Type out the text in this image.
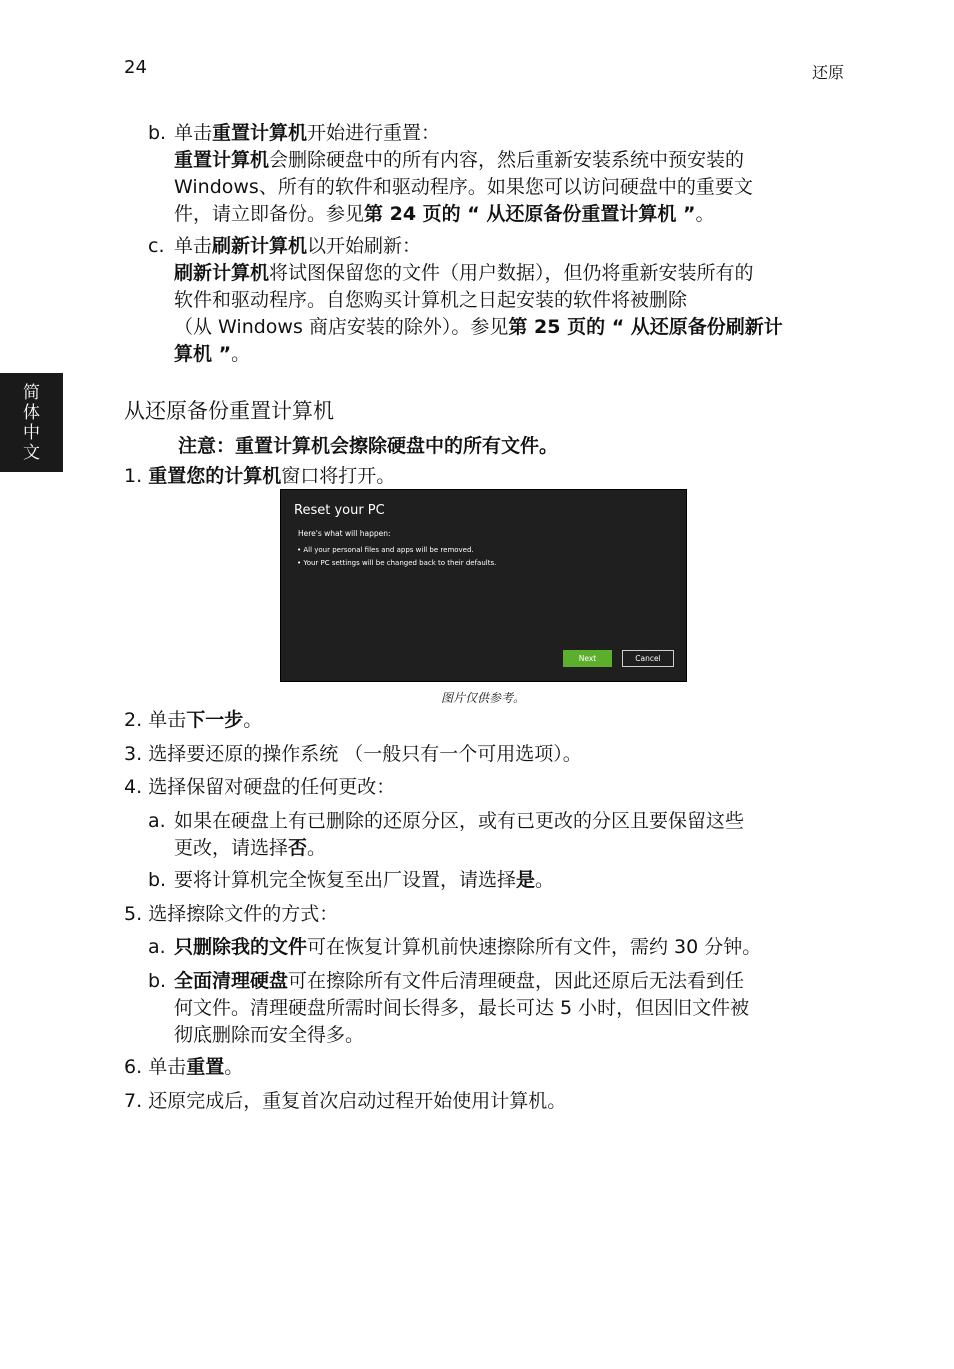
24	还原
简
体
中
文
b. 单击重置计算机开始进行重置：
重置计算机会删除硬盘中的所有内容，然后重新安装系统中预安装的
Windows、所有的软件和驱动程序。如果您可以访问硬盘中的重要文
件，请立即备份。参见第 24 页的 “ 从还原备份重置计算机 ”。
c. 单击刷新计算机以开始刷新：
刷新计算机将试图保留您的文件（用户数据），但仍将重新安装所有的
软件和驱动程序。自您购买计算机之日起安装的软件将被删除
（从 Windows 商店安装的除外）。参见第 25 页的 “ 从还原备份刷新计
算机 ”。
从还原备份重置计算机
注意：重置计算机会擦除硬盘中的所有文件。
1. 重置您的计算机窗口将打开。
Reset your PC
Here's what will happen:
• All your personal files and apps will be removed.
• Your PC settings will be changed back to their defaults.
Next	Cancel
图片仅供参考。
2. 单击下一步。
3. 选择要还原的操作系统 （一般只有一个可用选项）。
4. 选择保留对硬盘的任何更改：
a. 如果在硬盘上有已删除的还原分区，或有已更改的分区且要保留这些
更改，请选择否。
b. 要将计算机完全恢复至出厂设置，请选择是。
5. 选择擦除文件的方式：
a. 只删除我的文件可在恢复计算机前快速擦除所有文件，需约 30 分钟。
b. 全面清理硬盘可在擦除所有文件后清理硬盘，因此还原后无法看到任
何文件。清理硬盘所需时间长得多，最长可达 5 小时，但因旧文件被
彻底删除而安全得多。
6. 单击重置。
7. 还原完成后，重复首次启动过程开始使用计算机。
